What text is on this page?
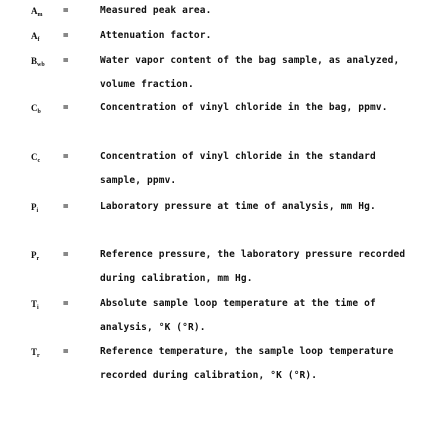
$A_m$ =	Measured peak area.
$A_f$	=	Attenuation factor.
$B_{wb}$ =	Water vapor content of the bag sample, as analyzed, volume fraction.
$C_b$ =	Concentration of vinyl chloride in the bag, ppmv.
$C_c$	=	Concentration of vinyl chloride in the standard sample, ppmv.
$P_i$	=	Laboratory pressure at time of analysis, mm Hg.
$P_r$	=	Reference pressure, the laboratory pressure recorded during calibration, mm Hg.
$T_i$	=	Absolute sample loop temperature at the time of analysis, °K (°R).
$T_r$	=	Reference temperature, the sample loop temperature recorded during calibration, °K (°R).
